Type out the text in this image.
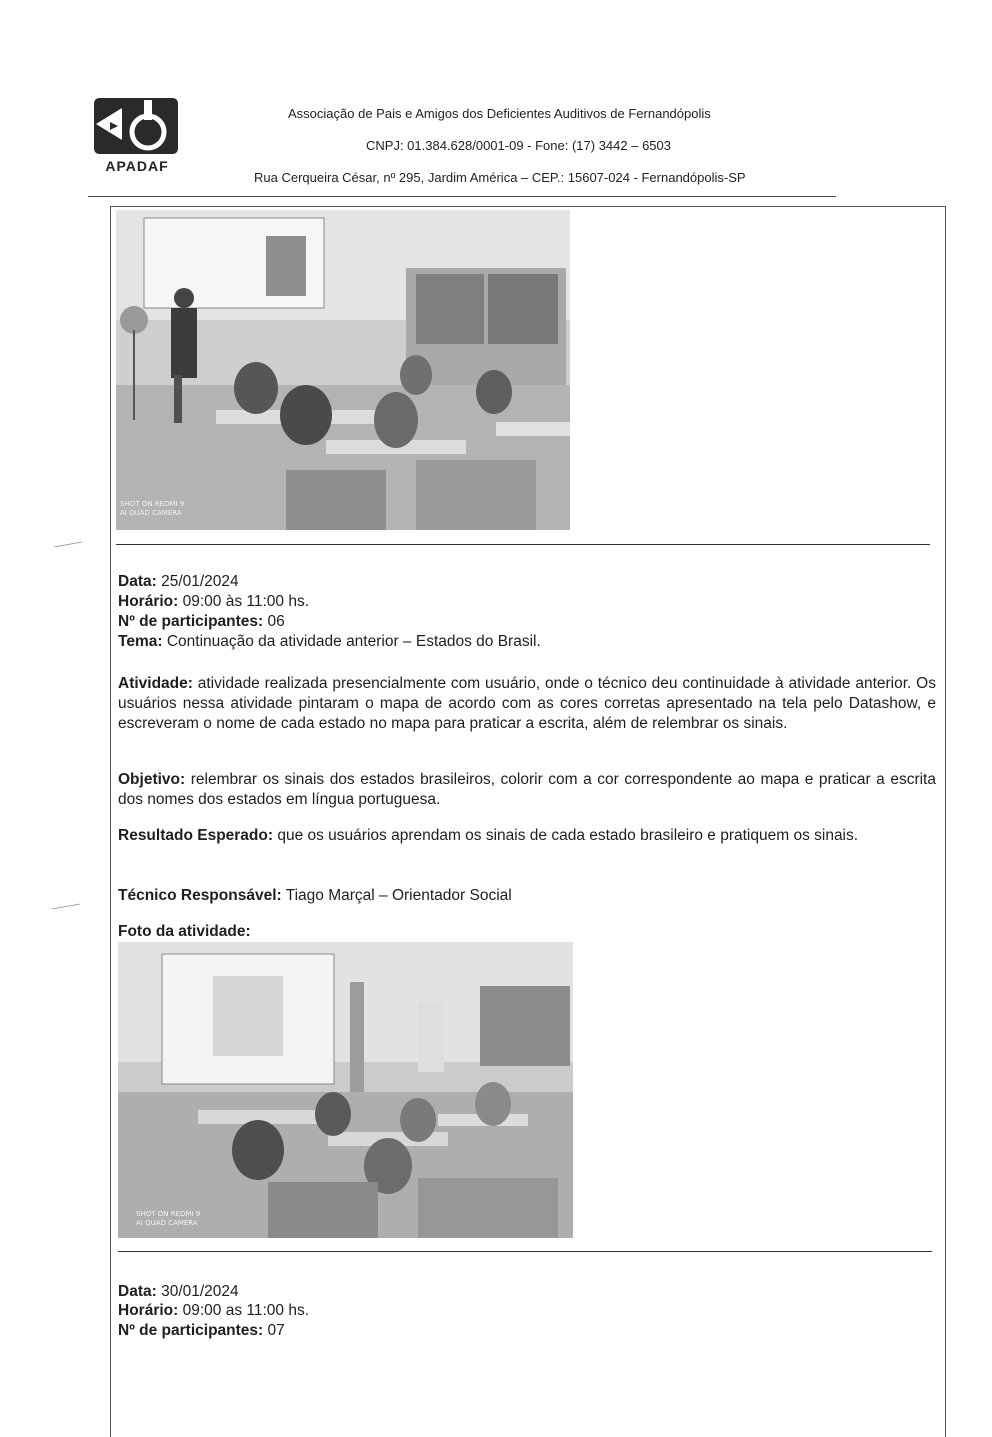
APADAF
Associação de Pais e Amigos dos Deficientes Auditivos de Fernandópolis
CNPJ: 01.384.628/0001-09 - Fone: (17) 3442 – 6503
Rua Cerqueira César, nº 295, Jardim América – CEP.: 15607-024 - Fernandópolis-SP
SHOT ON REDMI 9
AI QUAD CAMERA
Data: 25/01/2024
Horário: 09:00 às 11:00 hs.
Nº de participantes: 06
Tema: Continuação da atividade anterior – Estados do Brasil.
Atividade: atividade realizada presencialmente com usuário, onde o técnico deu continuidade à atividade anterior. Os usuários nessa atividade pintaram o mapa de acordo com as cores corretas apresentado na tela pelo Datashow, e escreveram o nome de cada estado no mapa para praticar a escrita, além de relembrar os sinais.
Objetivo: relembrar os sinais dos estados brasileiros, colorir com a cor correspondente ao mapa e praticar a escrita dos nomes dos estados em língua portuguesa.
Resultado Esperado: que os usuários aprendam os sinais de cada estado brasileiro e pratiquem os sinais.
Técnico Responsável: Tiago Marçal – Orientador Social
Foto da atividade:
SHOT ON REDMI 9
AI QUAD CAMERA
Data: 30/01/2024
Horário: 09:00 as 11:00 hs.
Nº de participantes: 07
